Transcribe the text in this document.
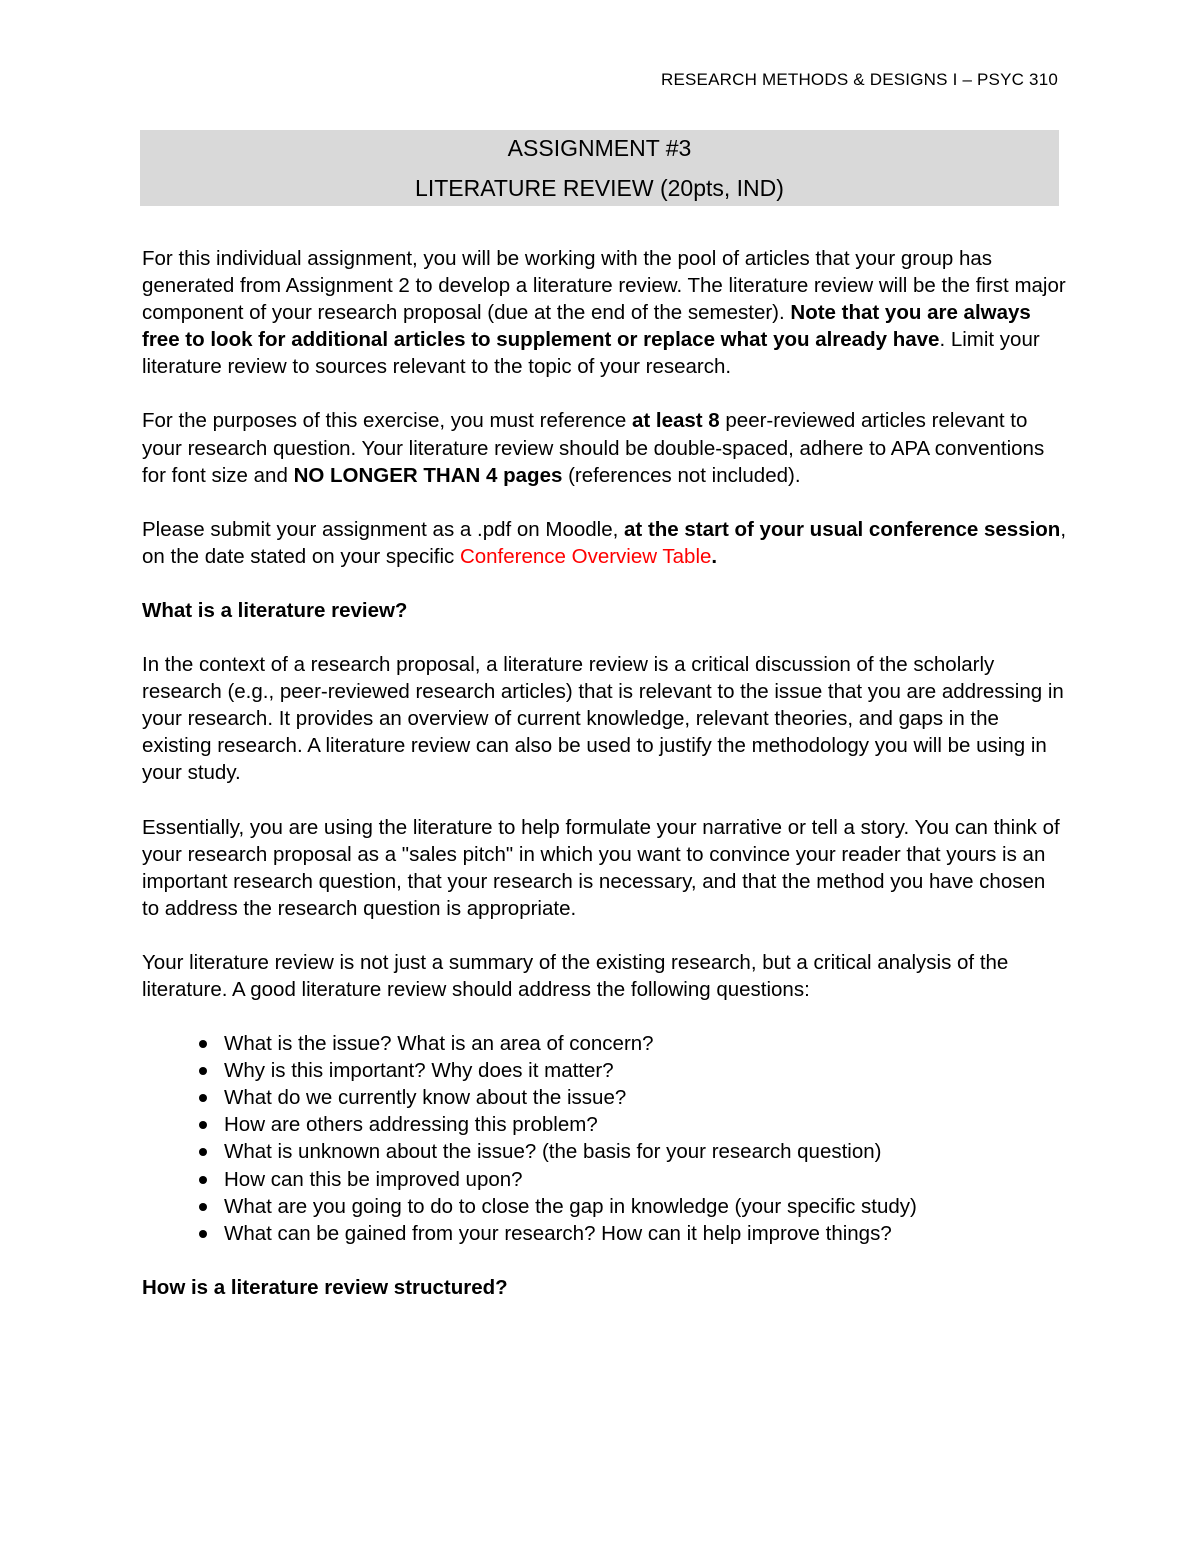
RESEARCH METHODS & DESIGNS I – PSYC 310
ASSIGNMENT #3
LITERATURE REVIEW (20pts, IND)

For this individual assignment, you will be working with the pool of articles that your group has generated from Assignment 2 to develop a literature review. The literature review will be the first major component of your research proposal (due at the end of the semester). Note that you are always free to look for additional articles to supplement or replace what you already have. Limit your literature review to sources relevant to the topic of your research.

For the purposes of this exercise, you must reference at least 8 peer-reviewed articles relevant to your research question. Your literature review should be double-spaced, adhere to APA conventions for font size and NO LONGER THAN 4 pages (references not included).

Please submit your assignment as a .pdf on Moodle, at the start of your usual conference session, on the date stated on your specific Conference Overview Table.

What is a literature review?

In the context of a research proposal, a literature review is a critical discussion of the scholarly research (e.g., peer-reviewed research articles) that is relevant to the issue that you are addressing in your research. It provides an overview of current knowledge, relevant theories, and gaps in the existing research. A literature review can also be used to justify the methodology you will be using in your study.

Essentially, you are using the literature to help formulate your narrative or tell a story. You can think of your research proposal as a "sales pitch" in which you want to convince your reader that yours is an important research question, that your research is necessary, and that the method you have chosen to address the research question is appropriate.

Your literature review is not just a summary of the existing research, but a critical analysis of the literature. A good literature review should address the following questions:

What is the issue? What is an area of concern?
Why is this important? Why does it matter?
What do we currently know about the issue?
How are others addressing this problem?
What is unknown about the issue? (the basis for your research question)
How can this be improved upon?
What are you going to do to close the gap in knowledge (your specific study)
What can be gained from your research? How can it help improve things?

How is a literature review structured?
